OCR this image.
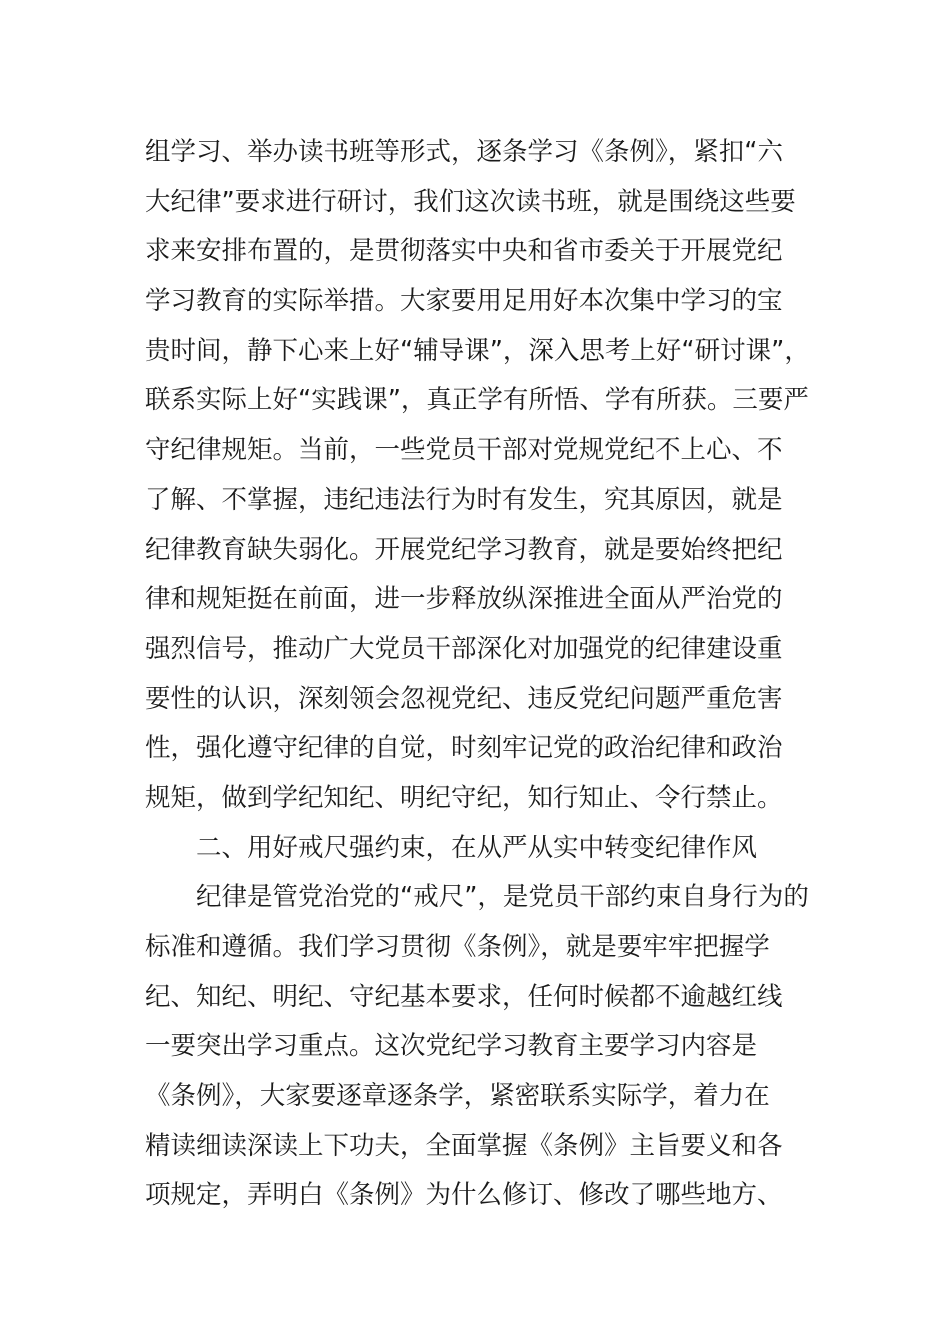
组学习、举办读书班等形式，逐条学习《条例》，紧扣“六
大纪律”要求进行研讨，我们这次读书班，就是围绕这些要
求来安排布置的，是贯彻落实中央和省市委关于开展党纪
学习教育的实际举措。大家要用足用好本次集中学习的宝
贵时间，静下心来上好“辅导课”，深入思考上好“研讨课”，
联系实际上好“实践课”，真正学有所悟、学有所获。三要严
守纪律规矩。当前，一些党员干部对党规党纪不上心、不
了解、不掌握，违纪违法行为时有发生，究其原因，就是
纪律教育缺失弱化。开展党纪学习教育，就是要始终把纪
律和规矩挺在前面，进一步释放纵深推进全面从严治党的
强烈信号，推动广大党员干部深化对加强党的纪律建设重
要性的认识，深刻领会忽视党纪、违反党纪问题严重危害
性，强化遵守纪律的自觉，时刻牢记党的政治纪律和政治
规矩，做到学纪知纪、明纪守纪，知行知止、令行禁止。
二、用好戒尺强约束，在从严从实中转变纪律作风
纪律是管党治党的“戒尺”，是党员干部约束自身行为的
标准和遵循。我们学习贯彻《条例》，就是要牢牢把握学
纪、知纪、明纪、守纪基本要求，任何时候都不逾越红线
一要突出学习重点。这次党纪学习教育主要学习内容是
《条例》，大家要逐章逐条学，紧密联系实际学，着力在
精读细读深读上下功夫，全面掌握《条例》主旨要义和各
项规定，弄明白《条例》为什么修订、修改了哪些地方、
